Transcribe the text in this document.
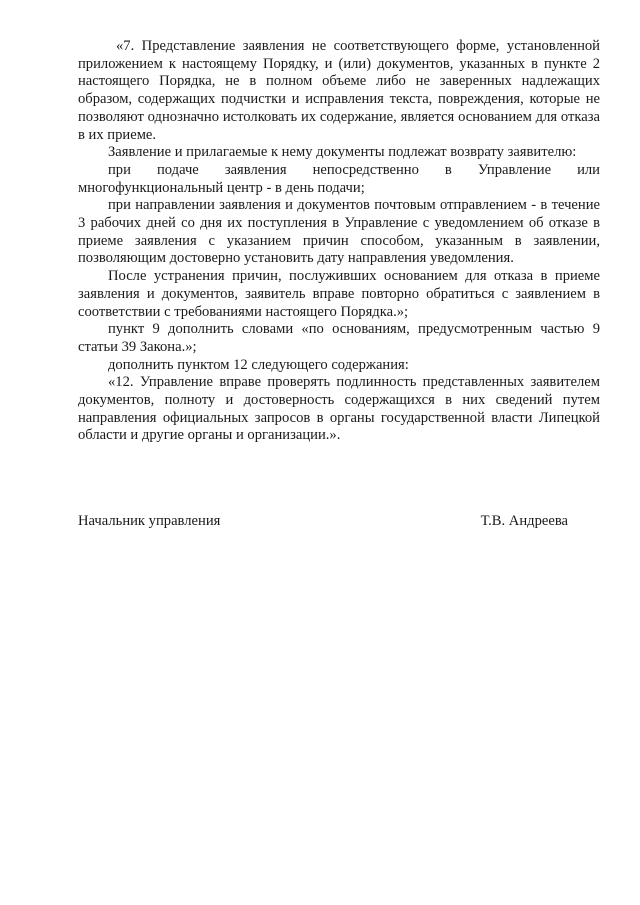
«7. Представление заявления не соответствующего форме, установленной приложением к настоящему Порядку, и (или) документов, указанных в пункте 2 настоящего Порядка, не в полном объеме либо не заверенных надлежащих образом, содержащих подчистки и исправления текста, повреждения, которые не позволяют однозначно истолковать их содержание, является основанием для отказа в их приеме.

Заявление и прилагаемые к нему документы подлежат возврату заявителю:

при подаче заявления непосредственно в Управление или многофункциональный центр - в день подачи;

при направлении заявления и документов почтовым отправлением - в течение 3 рабочих дней со дня их поступления в Управление с уведомлением об отказе в приеме заявления с указанием причин способом, указанным в заявлении, позволяющим достоверно установить дату направления уведомления.

После устранения причин, послуживших основанием для отказа в приеме заявления и документов, заявитель вправе повторно обратиться с заявлением в соответствии с требованиями настоящего Порядка.»;

пункт 9 дополнить словами «по основаниям, предусмотренным частью 9 статьи 39 Закона.»;

дополнить пунктом 12 следующего содержания:

«12. Управление вправе проверять подлинность представленных заявителем документов, полноту и достоверность содержащихся в них сведений путем направления официальных запросов в органы государственной власти Липецкой области и другие органы и организации.».

Начальник управления	Т.В. Андреева
